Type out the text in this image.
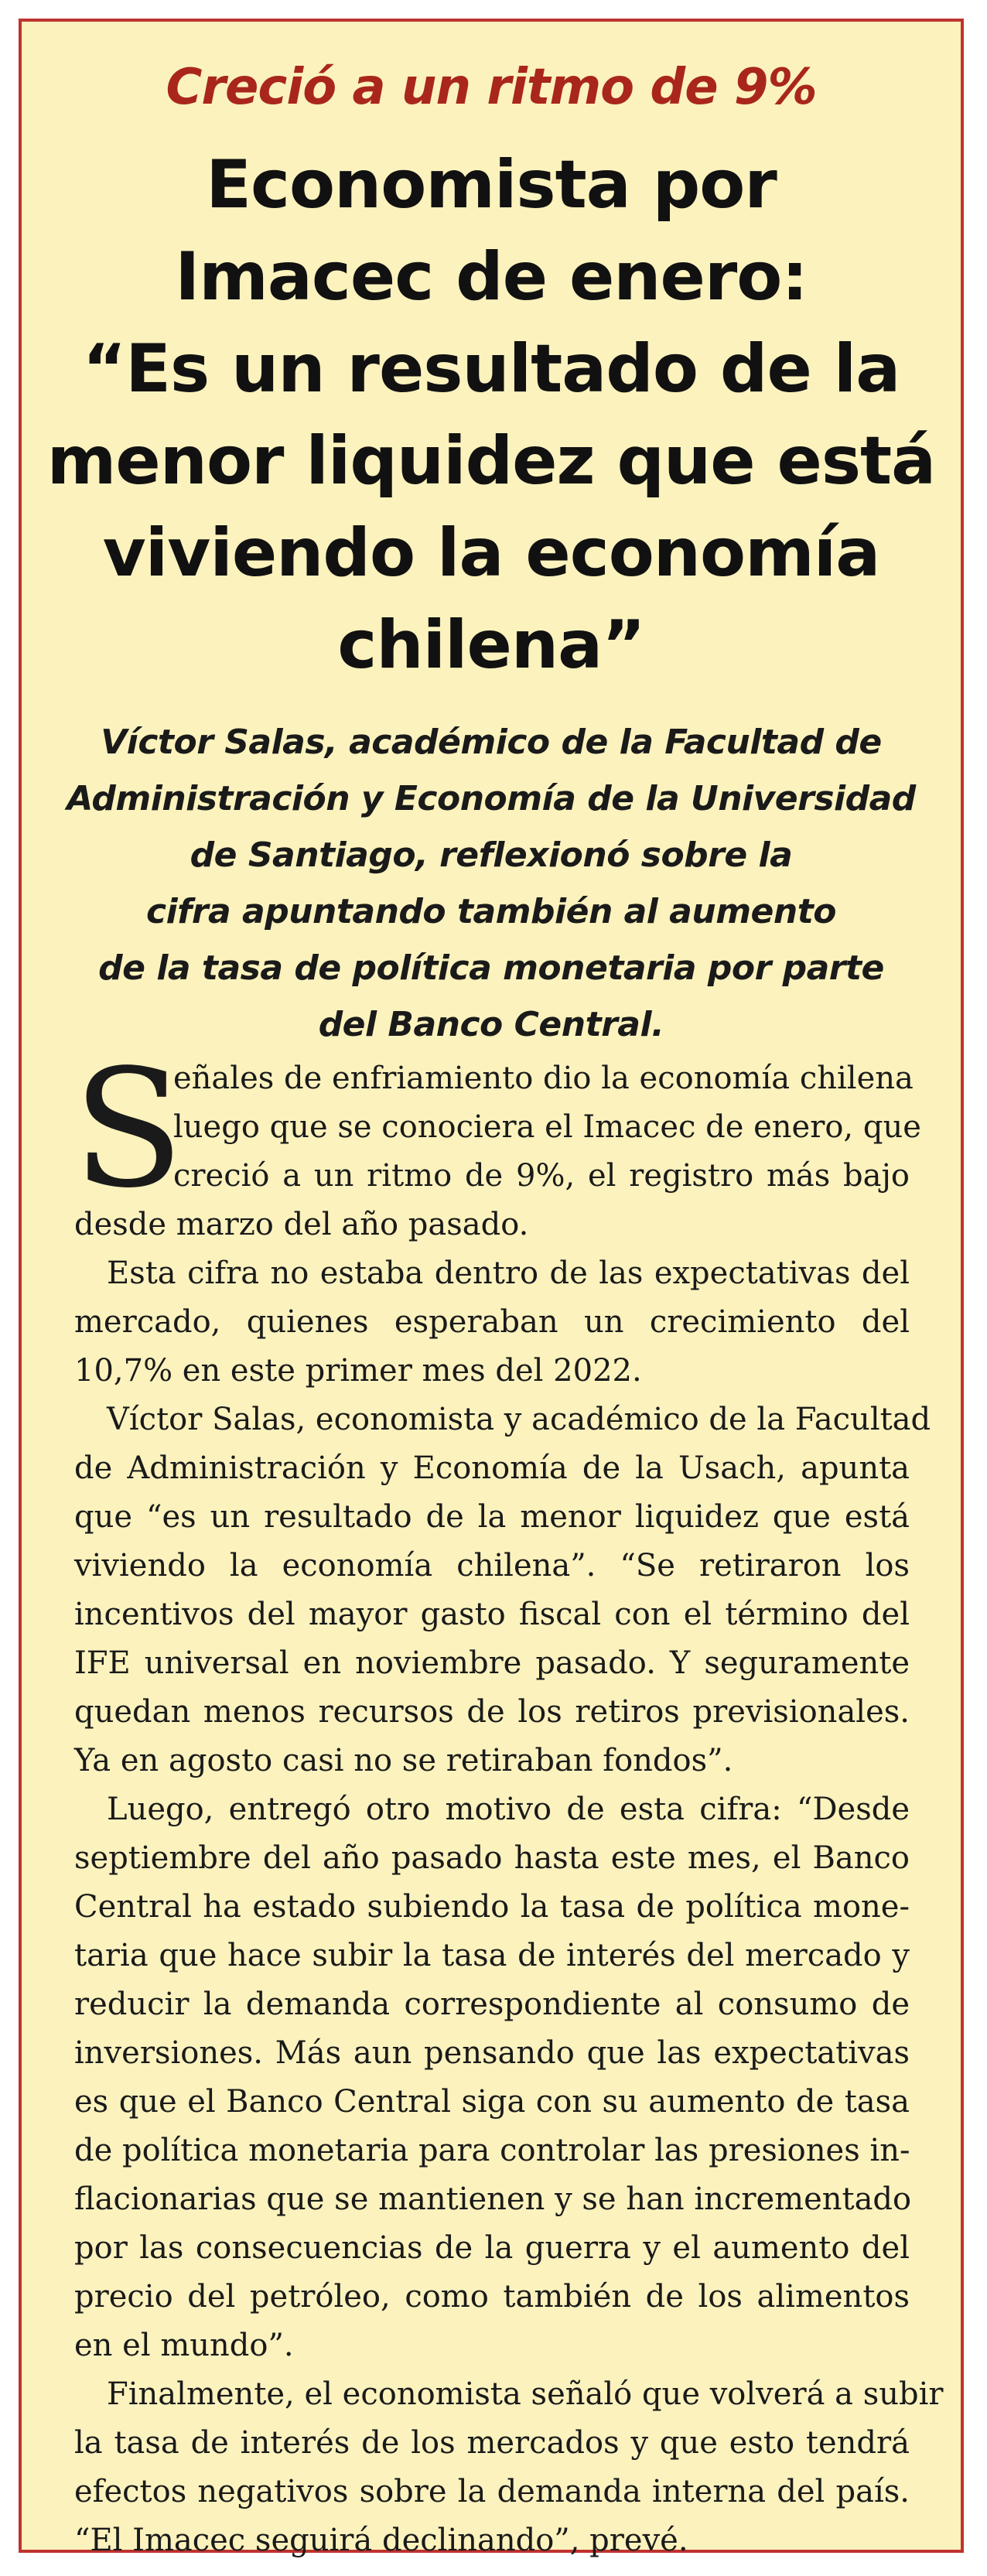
Creció a un ritmo de 9%
Economista por
Imacec de enero:
“Es un resultado de la
menor liquidez que está
viviendo la economía
chilena”
Víctor Salas, académico de la Facultad de
Administración y Economía de la Universidad
de Santiago, reflexionó sobre la
cifra apuntando también al aumento
de la tasa de política monetaria por parte
del Banco Central.
S
eñales de enfriamiento dio la economía chilena
luego que se conociera el Imacec de enero, que
creció a un ritmo de 9%, el registro más bajo
desde marzo del año pasado.
Esta cifra no estaba dentro de las expectativas del
mercado, quienes esperaban un crecimiento del
10,7% en este primer mes del 2022.
Víctor Salas, economista y académico de la Facultad
de Administración y Economía de la Usach, apunta
que “es un resultado de la menor liquidez que está
viviendo la economía chilena”. “Se retiraron los
incentivos del mayor gasto fiscal con el término del
IFE universal en noviembre pasado. Y seguramente
quedan menos recursos de los retiros previsionales.
Ya en agosto casi no se retiraban fondos”.
Luego, entregó otro motivo de esta cifra: “Desde
septiembre del año pasado hasta este mes, el Banco
Central ha estado subiendo la tasa de política mone-
taria que hace subir la tasa de interés del mercado y
reducir la demanda correspondiente al consumo de
inversiones. Más aun pensando que las expectativas
es que el Banco Central siga con su aumento de tasa
de política monetaria para controlar las presiones in-
flacionarias que se mantienen y se han incrementado
por las consecuencias de la guerra y el aumento del
precio del petróleo, como también de los alimentos
en el mundo”.
Finalmente, el economista señaló que volverá a subir
la tasa de interés de los mercados y que esto tendrá
efectos negativos sobre la demanda interna del país.
“El Imacec seguirá declinando”, prevé.
